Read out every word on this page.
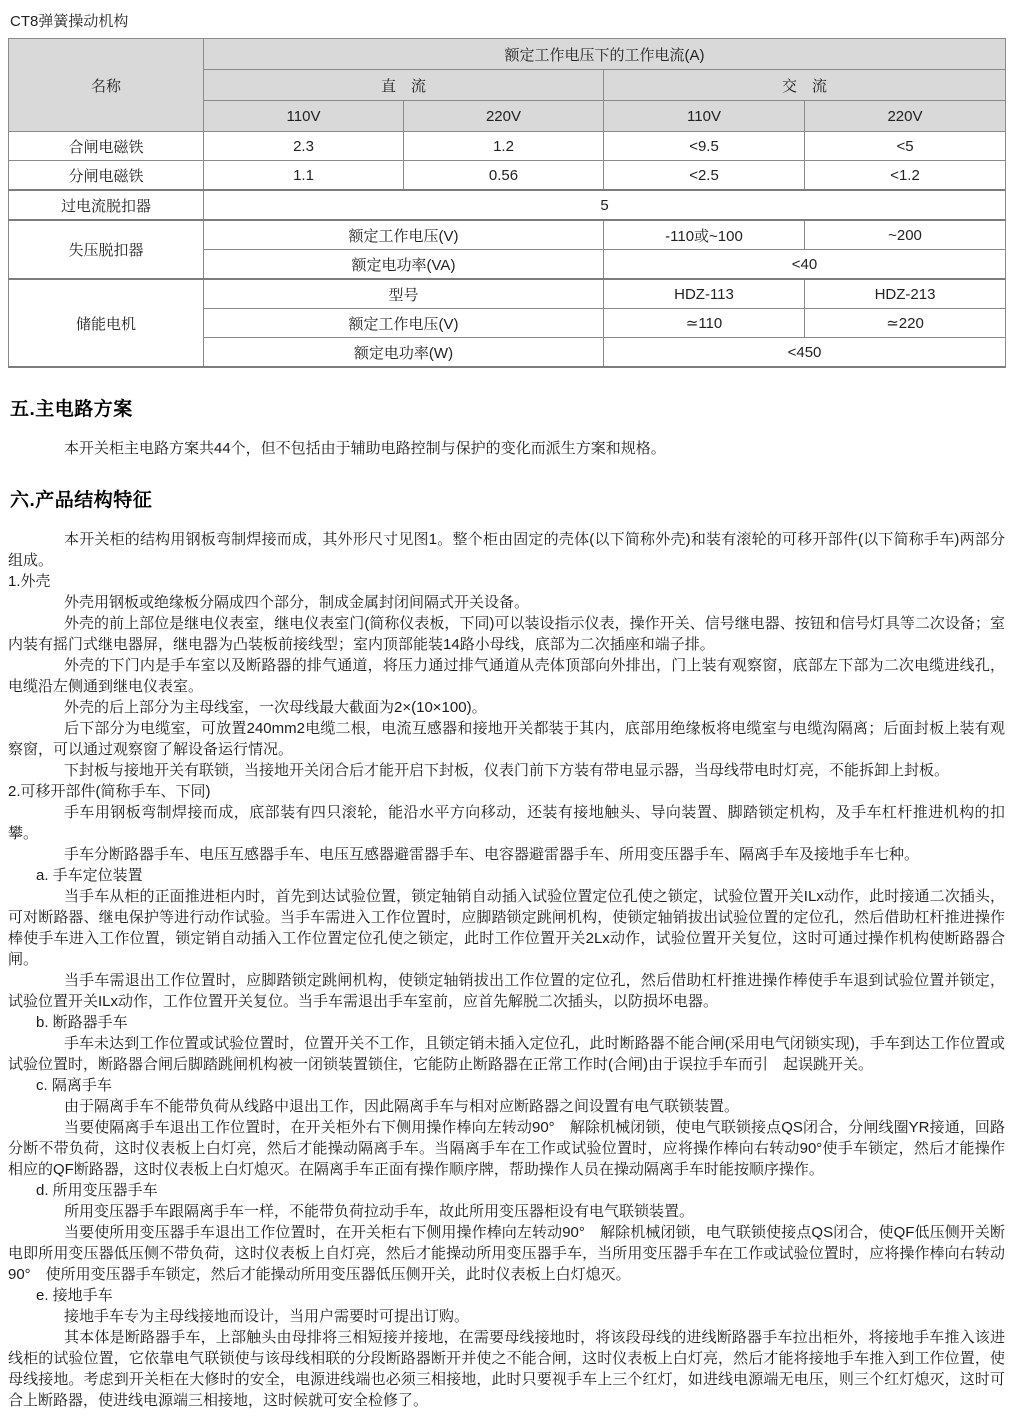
CT8弹簧操动机构
名称	额定工作电压下的工作电流(A)			
	直　流		交　流	
	110V	220V	110V	220V
合闸电磁铁	2.3	1.2	<9.5	<5
分闸电磁铁	1.1	0.56	<2.5	<1.2
过电流脱扣器	5			
失压脱扣器	额定工作电压(V)		-110或~100	~200
	额定电功率(VA)		<40	
储能电机	型号		HDZ-113	HDZ-213
	额定工作电压(V)		≃110	≃220
	额定电功率(W)		<450	
五.主电路方案

本开关柜主电路方案共44个，但不包括由于辅助电路控制与保护的变化而派生方案和规格。

六.产品结构特征

本开关柜的结构用钢板弯制焊接而成，其外形尺寸见图1。整个柜由固定的壳体(以下简称外壳)和装有滚轮的可移开部件(以下简称手车)两部分组成。

1.外壳

外壳用钢板或绝缘板分隔成四个部分，制成金属封闭间隔式开关设备。

外壳的前上部位是继电仪表室，继电仪表室门(简称仪表板，下同)可以装设指示仪表，操作开关、信号继电器、按钮和信号灯具等二次设备；室内装有摇门式继电器屏，继电器为凸装板前接线型；室内顶部能装14路小母线，底部为二次插座和端子排。

外壳的下门内是手车室以及断路器的排气通道，将压力通过排气通道从壳体顶部向外排出，门上装有观察窗，底部左下部为二次电缆进线孔，电缆沿左侧通到继电仪表室。

外壳的后上部分为主母线室，一次母线最大截面为2×(10×100)。

后下部分为电缆室，可放置240mm2电缆二根，电流互感器和接地开关都装于其内，底部用绝缘板将电缆室与电缆沟隔离；后面封板上装有观察窗，可以通过观察窗了解设备运行情况。

下封板与接地开关有联锁，当接地开关闭合后才能开启下封板，仪表门前下方装有带电显示器，当母线带电时灯亮，不能拆卸上封板。

2.可移开部件(简称手车、下同)

手车用钢板弯制焊接而成，底部装有四只滚轮，能沿水平方向移动，还装有接地触头、导向装置、脚踏锁定机构，及手车杠杆推进机构的扣攀。

手车分断路器手车、电压互感器手车、电压互感器避雷器手车、电容器避雷器手车、所用变压器手车、隔离手车及接地手车七种。

a. 手车定位装置

当手车从柜的正面推进柜内时，首先到达试验位置，锁定轴销自动插入试验位置定位孔使之锁定，试验位置开关ILx动作，此时接通二次插头，可对断路器、继电保护等进行动作试验。当手车需进入工作位置时，应脚踏锁定跳闸机构，使锁定轴销拔出试验位置的定位孔，然后借助杠杆推进操作棒使手车进入工作位置，锁定销自动插入工作位置定位孔使之锁定，此时工作位置开关2Lx动作，试验位置开关复位，这时可通过操作机构使断路器合闸。

当手车需退出工作位置时，应脚踏锁定跳闸机构，使锁定轴销拔出工作位置的定位孔，然后借助杠杆推进操作棒使手车退到试验位置并锁定，试验位置开关ILx动作，工作位置开关复位。当手车需退出手车室前，应首先解脱二次插头，以防损坏电器。

b. 断路器手车

手车未达到工作位置或试验位置时，位置开关不工作，且锁定销未插入定位孔，此时断路器不能合闸(采用电气闭锁实现)，手车到达工作位置或试验位置时，断路器合闸后脚踏跳闸机构被一闭锁装置锁住，它能防止断路器在正常工作时(合闸)由于误拉手车而引　起误跳开关。

c. 隔离手车

由于隔离手车不能带负荷从线路中退出工作，因此隔离手车与相对应断路器之间设置有电气联锁装置。

当要使隔离手车退出工作位置时，在开关柜外右下侧用操作棒向左转动90°　解除机械闭锁，使电气联锁接点QS闭合，分闸线圈YR接通，回路分断不带负荷，这时仪表板上白灯亮，然后才能操动隔离手车。当隔离手车在工作或试验位置时，应将操作棒向右转动90°使手车锁定，然后才能操作相应的QF断路器，这时仪表板上白灯熄灭。在隔离手车正面有操作顺序牌，帮助操作人员在操动隔离手车时能按顺序操作。

d. 所用变压器手车

所用变压器手车跟隔离手车一样，不能带负荷拉动手车，故此所用变压器柜设有电气联锁装置。

当要使所用变压器手车退出工作位置时，在开关柜右下侧用操作棒向左转动90°　解除机械闭锁，电气联锁使接点QS闭合，使QF低压侧开关断电即所用变压器低压侧不带负荷，这时仪表板上自灯亮，然后才能操动所用变压器手车，当所用变压器手车在工作或试验位置时，应将操作棒向右转动90°　使所用变压器手车锁定，然后才能操动所用变压器低压侧开关，此时仪表板上白灯熄灭。

e. 接地手车

接地手车专为主母线接地而设计，当用户需要时可提出订购。

其本体是断路器手车，上部触头由母排将三相短接并接地，在需要母线接地时，将该段母线的进线断路器手车拉出柜外，将接地手车推入该进线柜的试验位置，它依靠电气联锁使与该母线相联的分段断路器断开并使之不能合闸，这时仪表板上白灯亮，然后才能将接地手车推入到工作位置，使母线接地。考虑到开关柜在大修时的安全，电源进线端也必须三相接地，此时只要视手车上三个红灯，如进线电源端无电压，则三个红灯熄灭，这时可合上断路器，使进线电源端三相接地，这时候就可安全检修了。
